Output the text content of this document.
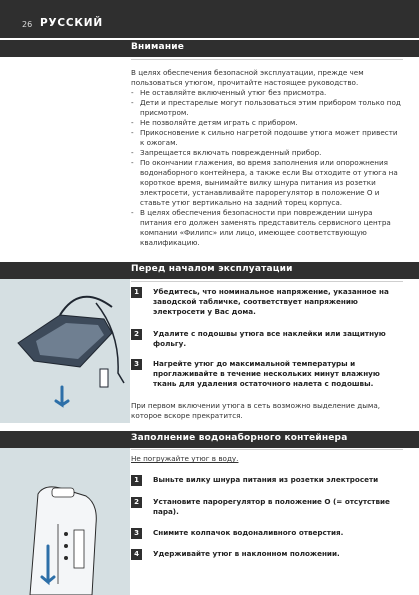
26 РУССКИЙ
Внимание

В целях обеспечения безопасной эксплуатации, прежде чем пользоваться утюгом, прочитайте настоящее руководство.

- Не оставляйте включенный утюг без присмотра.
- Дети и престарелые могут пользоваться этим прибором только под присмотром.
- Не позволяйте детям играть с прибором.
- Прикосновение к сильно нагретой подошве утюга может привести к ожогам.
- Запрещается включать поврежденный прибор.
- По окончании глажения, во время заполнения или опорожнения водонаборного контейнера, а также если Вы отходите от утюга на короткое время, вынимайте вилку шнура питания из розетки электросети, устанавливайте парорегулятор в положение O и ставьте утюг вертикально на задний торец корпуса.
- В целях обеспечения безопасности при повреждении шнура питания его должен заменять представитель сервисного центра компании «Филипс» или лицо, имеющее соответствующую квалификацию.
Перед началом эксплуатации
1	Убедитесь, что номинальное напряжение, указанное на заводской табличке, соответствует напряжению электросети у Вас дома.
2	Удалите с подошвы утюга все наклейки или защитную фольгу.
3	Нагрейте утюг до максимальной температуры и проглаживайте в течение нескольких минут влажную ткань для удаления остаточного налета с подошвы.
При первом включении утюга в сеть возможно выделение дыма, которое вскоре прекратится.
Заполнение водонаборного контейнера
Не погружайте утюг в воду.
1	Выньте вилку шнура питания из розетки электросети
2	Установите парорегулятор в положение O (= отсутствие пара).
3	Снимите колпачок водоналивного отверстия.
4	Удерживайте утюг в наклонном положении.
